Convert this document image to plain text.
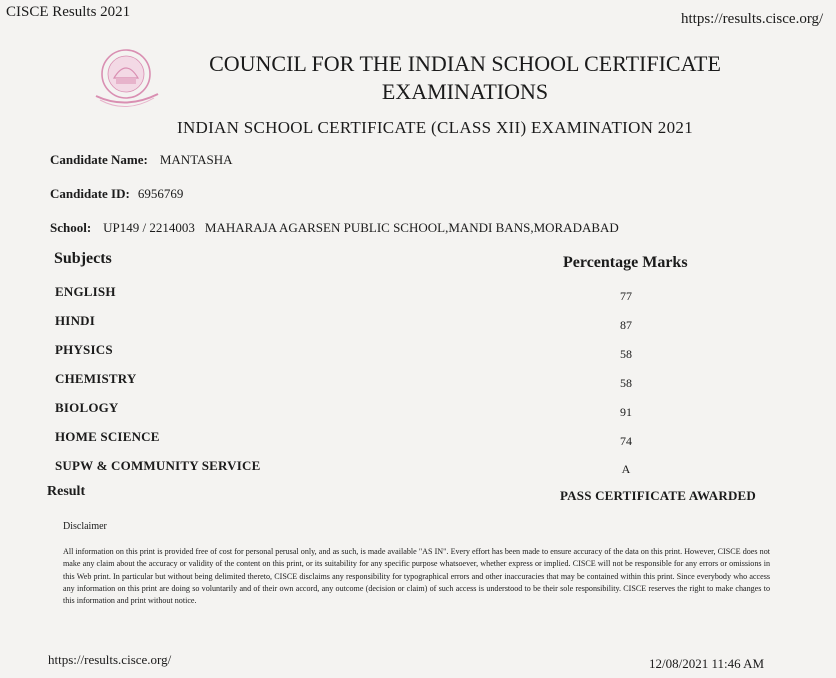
CISCE Results 2021	https://results.cisce.org/
COUNCIL FOR THE INDIAN SCHOOL CERTIFICATE
EXAMINATIONS
INDIAN SCHOOL CERTIFICATE (CLASS XII) EXAMINATION 2021
Candidate Name: MANTASHA
Candidate ID: 6956769
School: UP149 / 2214003 MAHARAJA AGARSEN PUBLIC SCHOOL,MANDI BANS,MORADABAD
Subjects	Percentage Marks
ENGLISH	77
HINDI	87
PHYSICS	58
CHEMISTRY	58
BIOLOGY	91
HOME SCIENCE	74
SUPW & COMMUNITY SERVICE	A
Result	PASS CERTIFICATE AWARDED
Disclaimer
All information on this print is provided free of cost for personal perusal only, and as such, is made available "AS IN". Every effort has been made to ensure accuracy of the data on this print. However, CISCE does not make any claim about the accuracy or validity of the content on this print, or its suitability for any specific purpose whatsoever, whether express or implied. CISCE will not be responsible for any errors or omissions in this Web print. In particular but without being delimited thereto, CISCE disclaims any responsibility for typographical errors and other inaccuracies that may be contained within this print. Since everybody who access any information on this print are doing so voluntarily and of their own accord, any outcome (decision or claim) of such access is understood to be their sole responsibility. CISCE reserves the right to make changes to this information and print without notice.
https://results.cisce.org/	12/08/2021 11:46 AM
